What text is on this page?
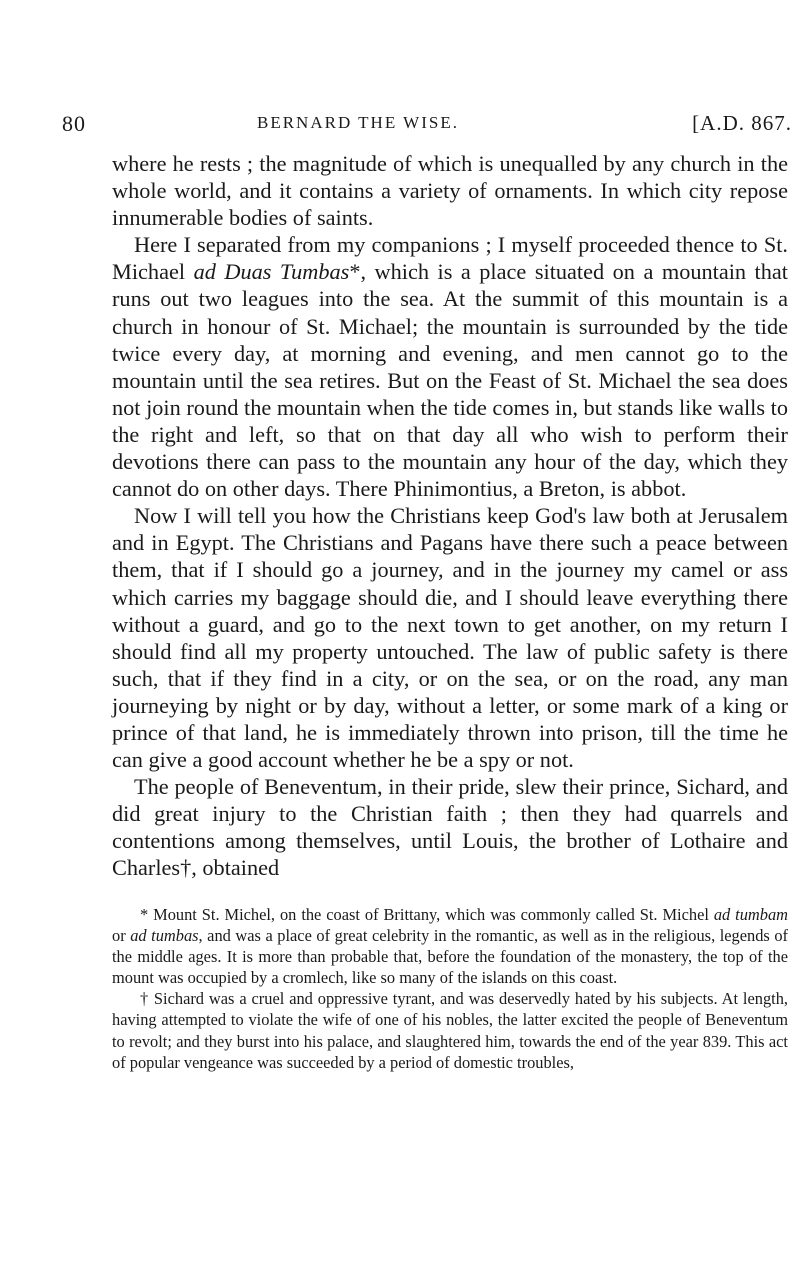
80	BERNARD THE WISE.	[A.D. 867.

where he rests ; the magnitude of which is unequalled by any church in the whole world, and it contains a variety of ornaments. In which city repose innumerable bodies of saints.

Here I separated from my companions ; I myself proceeded thence to St. Michael ad Duas Tumbas*, which is a place situated on a mountain that runs out two leagues into the sea. At the summit of this mountain is a church in honour of St. Michael; the mountain is surrounded by the tide twice every day, at morning and evening, and men cannot go to the mountain until the sea retires. But on the Feast of St. Michael the sea does not join round the mountain when the tide comes in, but stands like walls to the right and left, so that on that day all who wish to perform their devotions there can pass to the mountain any hour of the day, which they cannot do on other days. There Phinimontius, a Breton, is abbot.

Now I will tell you how the Christians keep God's law both at Jerusalem and in Egypt. The Christians and Pagans have there such a peace between them, that if I should go a journey, and in the journey my camel or ass which carries my baggage should die, and I should leave everything there without a guard, and go to the next town to get another, on my return I should find all my property untouched. The law of public safety is there such, that if they find in a city, or on the sea, or on the road, any man journeying by night or by day, without a letter, or some mark of a king or prince of that land, he is immediately thrown into prison, till the time he can give a good account whether he be a spy or not.

The people of Beneventum, in their pride, slew their prince, Sichard, and did great injury to the Christian faith ; then they had quarrels and contentions among themselves, until Louis, the brother of Lothaire and Charles†, obtained

* Mount St. Michel, on the coast of Brittany, which was commonly called St. Michel ad tumbam or ad tumbas, and was a place of great celebrity in the romantic, as well as in the religious, legends of the middle ages. It is more than probable that, before the foundation of the monastery, the top of the mount was occupied by a cromlech, like so many of the islands on this coast.

† Sichard was a cruel and oppressive tyrant, and was deservedly hated by his subjects. At length, having attempted to violate the wife of one of his nobles, the latter excited the people of Beneventum to revolt; and they burst into his palace, and slaughtered him, towards the end of the year 839. This act of popular vengeance was succeeded by a period of domestic troubles,
